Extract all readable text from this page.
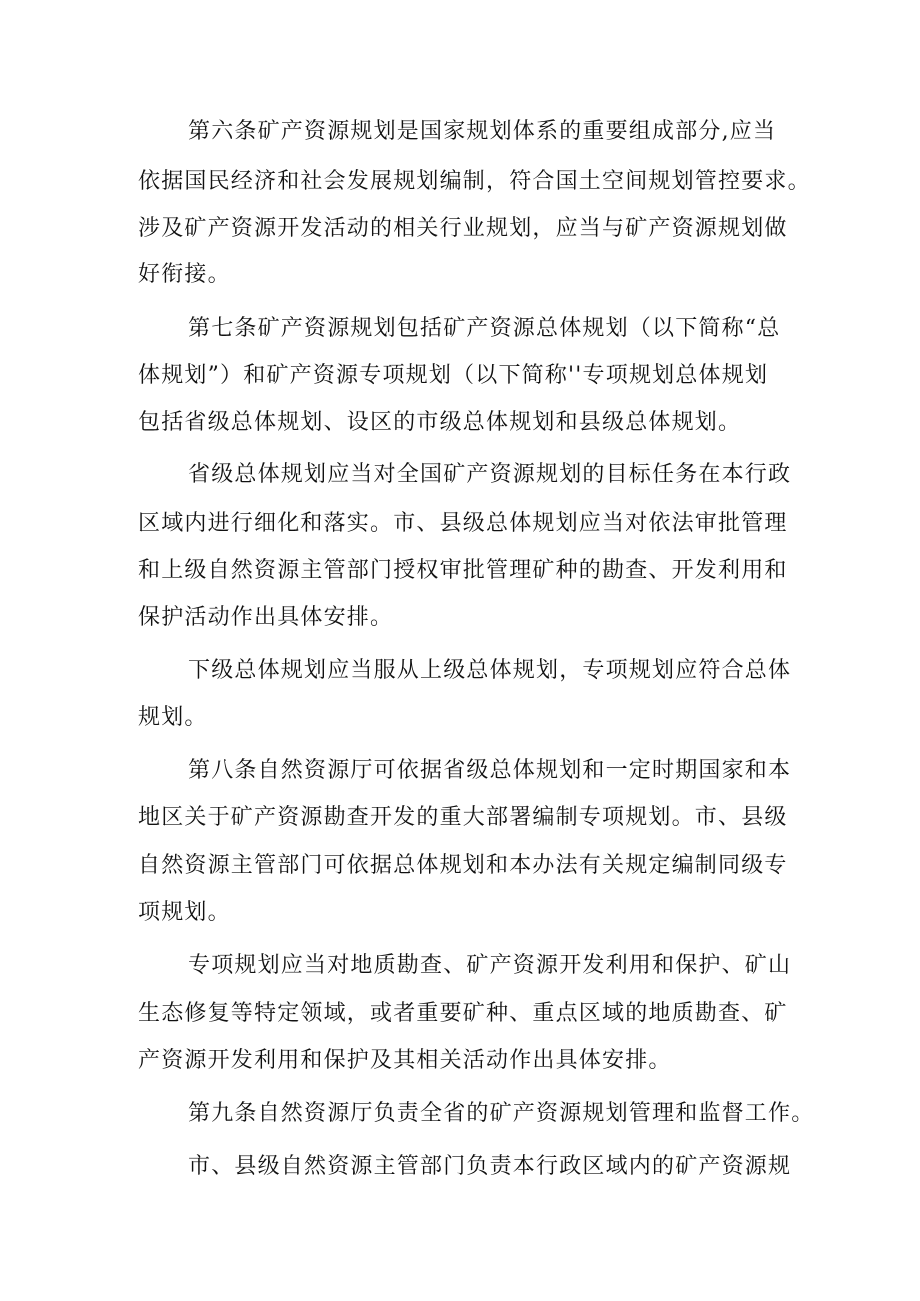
第六条矿产资源规划是国家规划体系的重要组成部分,应当
依据国民经济和社会发展规划编制，符合国土空间规划管控要求。
涉及矿产资源开发活动的相关行业规划，应当与矿产资源规划做
好衔接。
第七条矿产资源规划包括矿产资源总体规划（以下简称“总
体规划”）和矿产资源专项规划（以下简称''专项规划总体规划
包括省级总体规划、设区的市级总体规划和县级总体规划。
省级总体规划应当对全国矿产资源规划的目标任务在本行政
区域内进行细化和落实。市、县级总体规划应当对依法审批管理
和上级自然资源主管部门授权审批管理矿种的勘查、开发利用和
保护活动作出具体安排。
下级总体规划应当服从上级总体规划，专项规划应符合总体
规划。
第八条自然资源厅可依据省级总体规划和一定时期国家和本
地区关于矿产资源勘查开发的重大部署编制专项规划。市、县级
自然资源主管部门可依据总体规划和本办法有关规定编制同级专
项规划。
专项规划应当对地质勘查、矿产资源开发利用和保护、矿山
生态修复等特定领域，或者重要矿种、重点区域的地质勘查、矿
产资源开发利用和保护及其相关活动作出具体安排。
第九条自然资源厅负责全省的矿产资源规划管理和监督工作。
市、县级自然资源主管部门负责本行政区域内的矿产资源规
